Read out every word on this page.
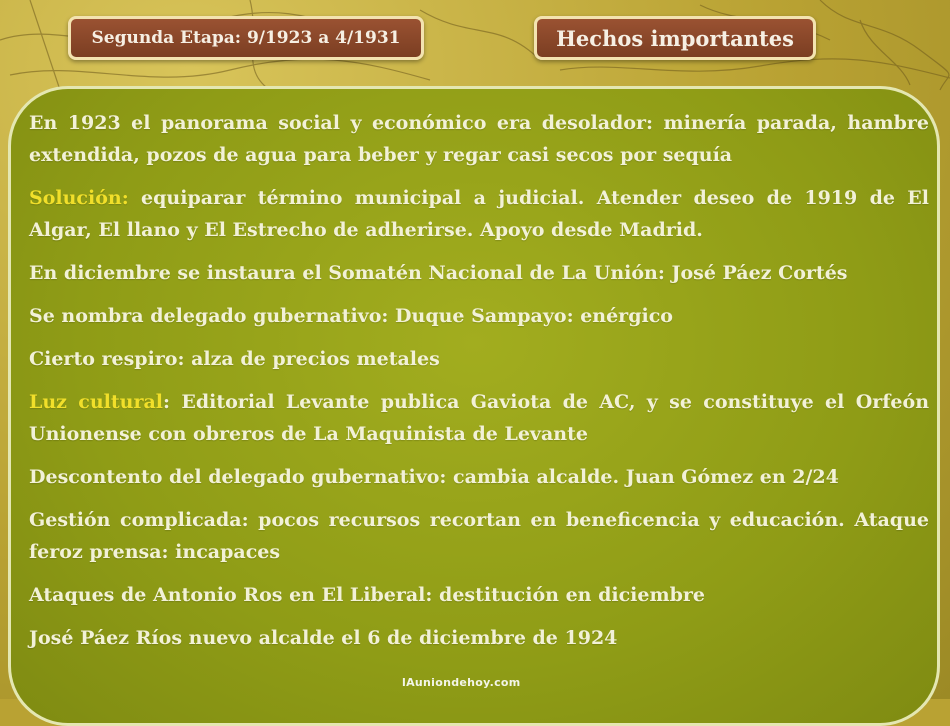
Segunda Etapa: 9/1923 a 4/1931	Hechos importantes
En 1923 el panorama social y económico era desolador: minería parada, hambre extendida, pozos de agua para beber y regar casi secos por sequía
Solución: equiparar término municipal a judicial. Atender deseo de 1919 de El Algar, El llano y El Estrecho de adherirse. Apoyo desde Madrid.
En diciembre se instaura el Somatén Nacional de La Unión: José Páez Cortés
Se nombra delegado gubernativo: Duque Sampayo: enérgico
Cierto respiro: alza de precios metales
Luz cultural: Editorial Levante publica Gaviota de AC, y se constituye el Orfeón Unionense con obreros de La Maquinista de Levante
Descontento del delegado gubernativo: cambia alcalde. Juan Gómez en 2/24
Gestión complicada: pocos recursos recortan en beneficencia y educación. Ataque feroz prensa: incapaces
Ataques de Antonio Ros en El Liberal: destitución en diciembre
José Páez Ríos nuevo alcalde el 6 de diciembre de 1924
lAuniondehoy.com
